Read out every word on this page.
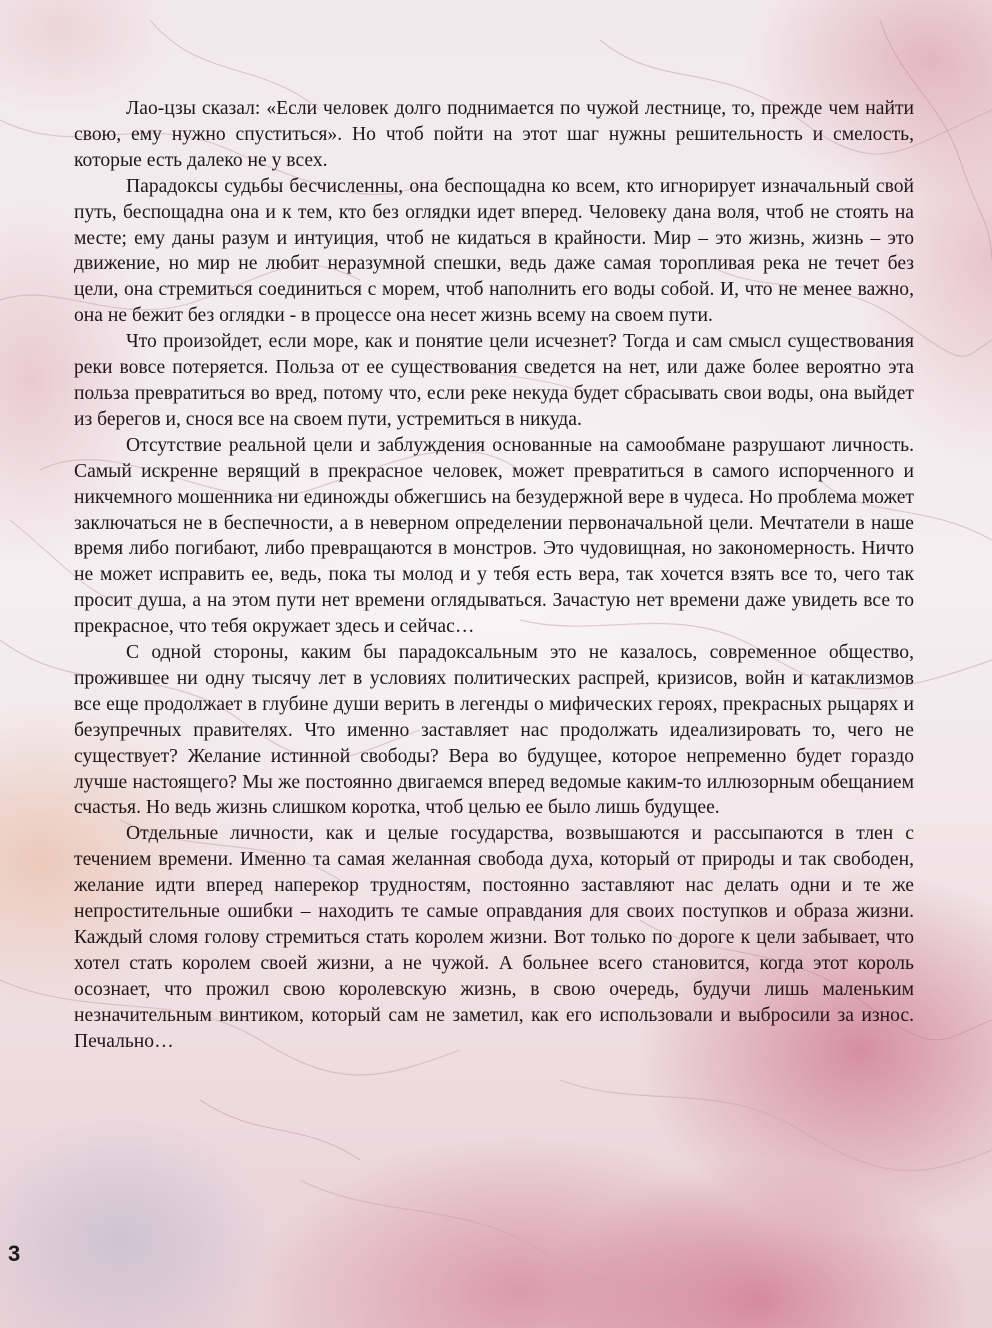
Лао-цзы сказал: «Если человек долго поднимается по чужой лестнице, то, прежде чем найти свою, ему нужно спуститься». Но чтоб пойти на этот шаг нужны решительность и смелость, которые есть далеко не у всех.

Парадоксы судьбы бесчисленны, она беспощадна ко всем, кто игнорирует изначальный свой путь, беспощадна она и к тем, кто без оглядки идет вперед. Человеку дана воля, чтоб не стоять на месте; ему даны разум и интуиция, чтоб не кидаться в крайности. Мир – это жизнь, жизнь – это движение, но мир не любит неразумной спешки, ведь даже самая торопливая река не течет без цели, она стремиться соединиться с морем, чтоб наполнить его воды собой. И, что не менее важно, она не бежит без оглядки - в процессе она несет жизнь всему на своем пути.

Что произойдет, если море, как и понятие цели исчезнет? Тогда и сам смысл существования реки вовсе потеряется. Польза от ее существования сведется на нет, или даже более вероятно эта польза превратиться во вред, потому что, если реке некуда будет сбрасывать свои воды, она выйдет из берегов и, снося все на своем пути, устремиться в никуда.

Отсутствие реальной цели и заблуждения основанные на самообмане разрушают личность. Самый искренне верящий в прекрасное человек, может превратиться в самого испорченного и никчемного мошенника ни единожды обжегшись на безудержной вере в чудеса. Но проблема может заключаться не в беспечности, а в неверном определении первоначальной цели. Мечтатели в наше время либо погибают, либо превращаются в монстров. Это чудовищная, но закономерность. Ничто не может исправить ее, ведь, пока ты молод и у тебя есть вера, так хочется взять все то, чего так просит душа, а на этом пути нет времени оглядываться. Зачастую нет времени даже увидеть все то прекрасное, что тебя окружает здесь и сейчас…

С одной стороны, каким бы парадоксальным это не казалось, современное общество, прожившее ни одну тысячу лет в условиях политических распрей, кризисов, войн и катаклизмов все еще продолжает в глубине души верить в легенды о мифических героях, прекрасных рыцарях и безупречных правителях. Что именно заставляет нас продолжать идеализировать то, чего не существует? Желание истинной свободы? Вера во будущее, которое непременно будет гораздо лучше настоящего? Мы же постоянно двигаемся вперед ведомые каким-то иллюзорным обещанием счастья. Но ведь жизнь слишком коротка, чтоб целью ее было лишь будущее.

Отдельные личности, как и целые государства, возвышаются и рассыпаются в тлен с течением времени. Именно та самая желанная свобода духа, который от природы и так свободен, желание идти вперед наперекор трудностям, постоянно заставляют нас делать одни и те же непростительные ошибки – находить те самые оправдания для своих поступков и образа жизни. Каждый сломя голову стремиться стать королем жизни. Вот только по дороге к цели забывает, что хотел стать королем своей жизни, а не чужой. А больнее всего становится, когда этот король осознает, что прожил свою королевскую жизнь, в свою очередь, будучи лишь маленьким незначительным винтиком, который сам не заметил, как его использовали и выбросили за износ. Печально…

3
